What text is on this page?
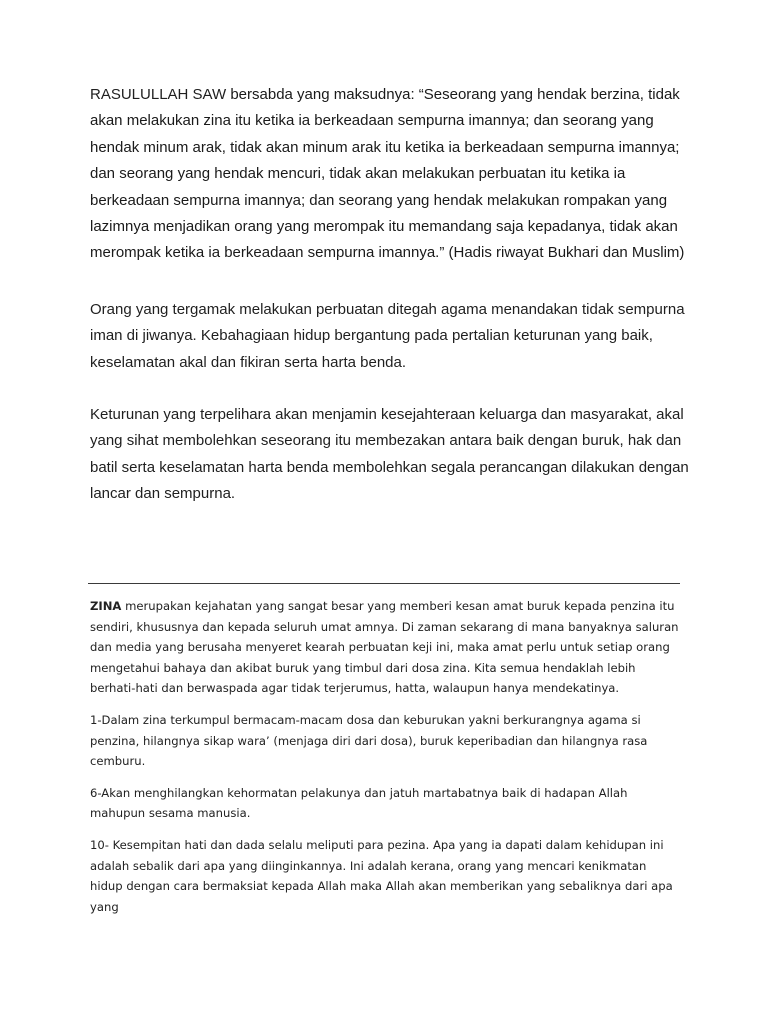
RASULULLAH SAW bersabda yang maksudnya: “Seseorang yang hendak berzina, tidak akan melakukan zina itu ketika ia berkeadaan sempurna imannya; dan seorang yang hendak minum arak, tidak akan minum arak itu ketika ia berkeadaan sempurna imannya; dan seorang yang hendak mencuri, tidak akan melakukan perbuatan itu ketika ia berkeadaan sempurna imannya; dan seorang yang hendak melakukan rompakan yang lazimnya menjadikan orang yang merompak itu memandang saja kepadanya, tidak akan merompak ketika ia berkeadaan sempurna imannya.” (Hadis riwayat Bukhari dan Muslim)

Orang yang tergamak melakukan perbuatan ditegah agama menandakan tidak sempurna iman di jiwanya. Kebahagiaan hidup bergantung pada pertalian keturunan yang baik, keselamatan akal dan fikiran serta harta benda.

Keturunan yang terpelihara akan menjamin kesejahteraan keluarga dan masyarakat, akal yang sihat membolehkan seseorang itu membezakan antara baik dengan buruk, hak dan batil serta keselamatan harta benda membolehkan segala perancangan dilakukan dengan lancar dan sempurna.

ZINA merupakan kejahatan yang sangat besar yang memberi kesan amat buruk kepada penzina itu sendiri, khususnya dan kepada seluruh umat amnya. Di zaman sekarang di mana banyaknya saluran dan media yang berusaha menyeret kearah perbuatan keji ini, maka amat perlu untuk setiap orang mengetahui bahaya dan akibat buruk yang timbul dari dosa zina. Kita semua hendaklah lebih berhati-hati dan berwaspada agar tidak terjerumus, hatta, walaupun hanya mendekatinya.

1-Dalam zina terkumpul bermacam-macam dosa dan keburukan yakni berkurangnya agama si penzina, hilangnya sikap wara’ (menjaga diri dari dosa), buruk keperibadian dan hilangnya rasa cemburu.

6-Akan menghilangkan kehormatan pelakunya dan jatuh martabatnya baik di hadapan Allah mahupun sesama manusia.

10- Kesempitan hati dan dada selalu meliputi para pezina. Apa yang ia dapati dalam kehidupan ini adalah sebalik dari apa yang diinginkannya. Ini adalah kerana, orang yang mencari kenikmatan hidup dengan cara bermaksiat kepada Allah maka Allah akan memberikan yang sebaliknya dari apa yang
